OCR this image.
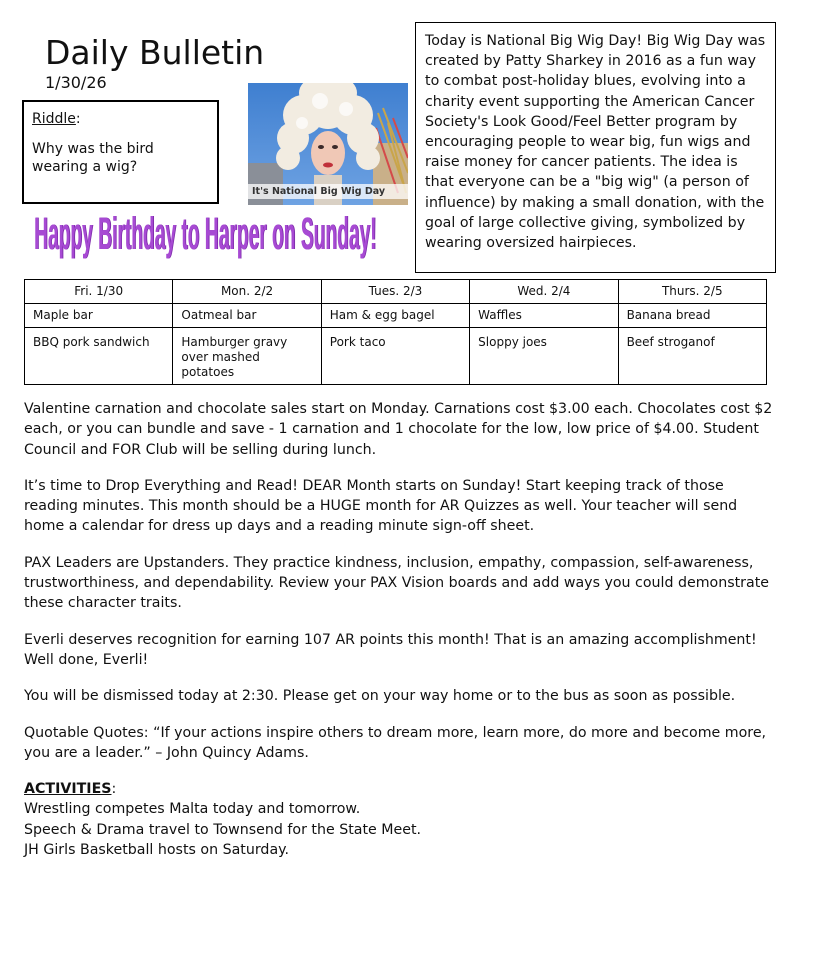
Daily Bulletin
1/30/26
Riddle:
Why was the bird wearing a wig?
It's National Big Wig Day
Happy Birthday to Harper on Sunday!
Today is National Big Wig Day! Big Wig Day was created by Patty Sharkey in 2016 as a fun way to combat post-holiday blues, evolving into a charity event supporting the American Cancer Society's Look Good/Feel Better program by encouraging people to wear big, fun wigs and raise money for cancer patients. The idea is that everyone can be a "big wig" (a person of influence) by making a small donation, with the goal of large collective giving, symbolized by wearing oversized hairpieces.
Fri. 1/30	Mon. 2/2	Tues. 2/3	Wed. 2/4	Thurs. 2/5
Maple bar	Oatmeal bar	Ham & egg bagel	Waffles	Banana bread
BBQ pork sandwich	Hamburger gravy over mashed potatoes	Pork taco	Sloppy joes	Beef stroganof

Valentine carnation and chocolate sales start on Monday. Carnations cost $3.00 each. Chocolates cost $2 each, or you can bundle and save - 1 carnation and 1 chocolate for the low, low price of $4.00. Student Council and FOR Club will be selling during lunch.

It’s time to Drop Everything and Read! DEAR Month starts on Sunday! Start keeping track of those reading minutes. This month should be a HUGE month for AR Quizzes as well. Your teacher will send home a calendar for dress up days and a reading minute sign-off sheet.

PAX Leaders are Upstanders. They practice kindness, inclusion, empathy, compassion, self-awareness, trustworthiness, and dependability. Review your PAX Vision boards and add ways you could demonstrate these character traits.

Everli deserves recognition for earning 107 AR points this month! That is an amazing accomplishment! Well done, Everli!

You will be dismissed today at 2:30. Please get on your way home or to the bus as soon as possible.

Quotable Quotes: “If your actions inspire others to dream more, learn more, do more and become more, you are a leader.” – John Quincy Adams.

ACTIVITIES:
Wrestling competes Malta today and tomorrow.
Speech & Drama travel to Townsend for the State Meet.
JH Girls Basketball hosts on Saturday.
